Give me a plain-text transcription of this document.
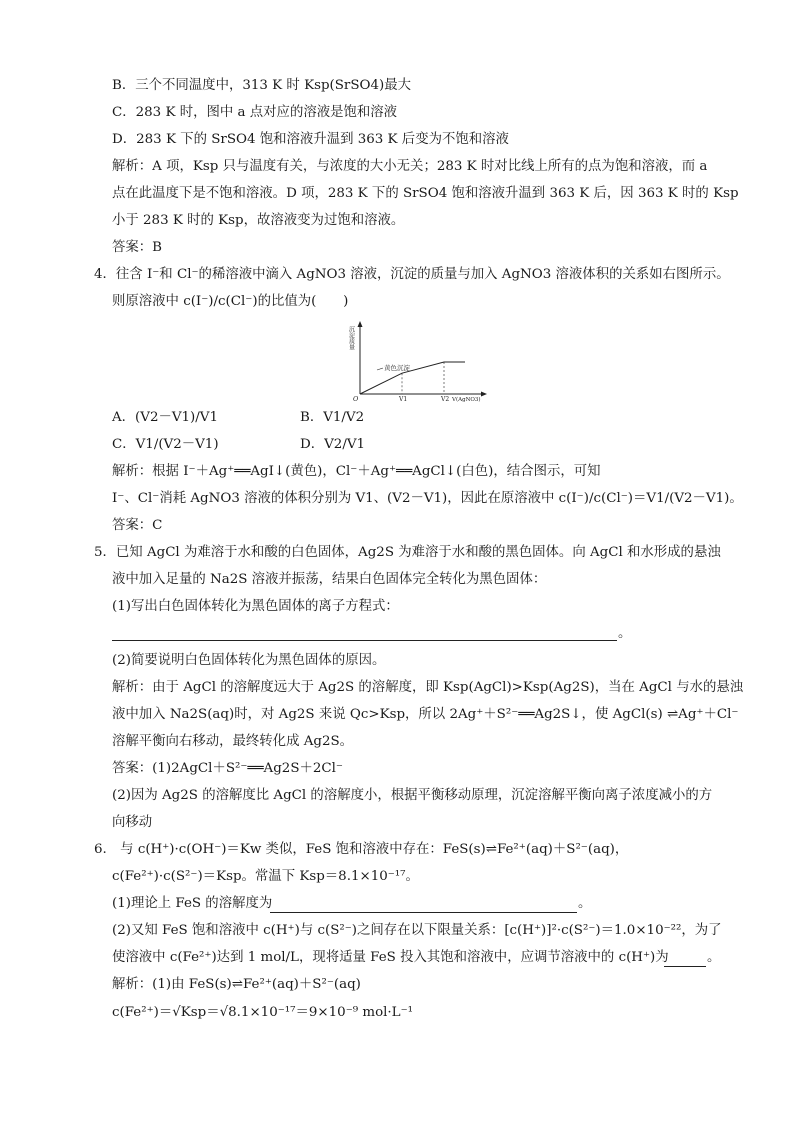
B．三个不同温度中，313 K 时 Ksp(SrSO4)最大
C．283 K 时，图中 a 点对应的溶液是饱和溶液
D．283 K 下的 SrSO4 饱和溶液升温到 363 K 后变为不饱和溶液
解析：A 项，Ksp 只与温度有关，与浓度的大小无关；283 K 时对比线上所有的点为饱和溶液，而 a
点在此温度下是不饱和溶液。D 项，283 K 下的 SrSO4 饱和溶液升温到 363 K 后，因 363 K 时的 Ksp
小于 283 K 时的 Ksp，故溶液变为过饱和溶液。
答案：B
4．往含 I⁻和 Cl⁻的稀溶液中滴入 AgNO3 溶液，沉淀的质量与加入 AgNO3 溶液体积的关系如右图所示。
则原溶液中 c(I⁻)/c(Cl⁻)的比值为(　　)
沉淀质量
黄色沉淀
O	V1	V2 V(AgNO3)
A．(V2－V1)/V1	B．V1/V2
C．V1/(V2－V1)	D．V2/V1
解析：根据 I⁻＋Ag⁺══AgI↓(黄色)，Cl⁻＋Ag⁺══AgCl↓(白色)，结合图示，可知
I⁻、Cl⁻消耗 AgNO3 溶液的体积分别为 V1、(V2－V1)，因此在原溶液中 c(I⁻)/c(Cl⁻)＝V1/(V2－V1)。
答案：C
5．已知 AgCl 为难溶于水和酸的白色固体，Ag2S 为难溶于水和酸的黑色固体。向 AgCl 和水形成的悬浊
液中加入足量的 Na2S 溶液并振荡，结果白色固体完全转化为黑色固体：
(1)写出白色固体转化为黑色固体的离子方程式：
。
(2)简要说明白色固体转化为黑色固体的原因。
解析：由于 AgCl 的溶解度远大于 Ag2S 的溶解度，即 Ksp(AgCl)>Ksp(Ag2S)，当在 AgCl 与水的悬浊
液中加入 Na2S(aq)时，对 Ag2S 来说 Qc>Ksp，所以 2Ag⁺＋S²⁻══Ag2S↓，使 AgCl(s) ⇌Ag⁺＋Cl⁻
溶解平衡向右移动，最终转化成 Ag2S。
答案：(1)2AgCl＋S²⁻══Ag2S＋2Cl⁻
(2)因为 Ag2S 的溶解度比 AgCl 的溶解度小，根据平衡移动原理，沉淀溶解平衡向离子浓度减小的方
向移动
6.　与 c(H⁺)·c(OH⁻)＝Kw 类似，FeS 饱和溶液中存在：FeS(s)⇌Fe²⁺(aq)＋S²⁻(aq)，
c(Fe²⁺)·c(S²⁻)＝Ksp。常温下 Ksp＝8.1×10⁻¹⁷。
(1)理论上 FeS 的溶解度为	。
(2)又知 FeS 饱和溶液中 c(H⁺)与 c(S²⁻)之间存在以下限量关系：[c(H⁺)]²·c(S²⁻)＝1.0×10⁻²²，为了
使溶液中 c(Fe²⁺)达到 1 mol/L，现将适量 FeS 投入其饱和溶液中，应调节溶液中的 c(H⁺)为	。
解析：(1)由 FeS(s)⇌Fe²⁺(aq)＋S²⁻(aq)
c(Fe²⁺)＝√Ksp＝√8.1×10⁻¹⁷＝9×10⁻⁹ mol·L⁻¹
